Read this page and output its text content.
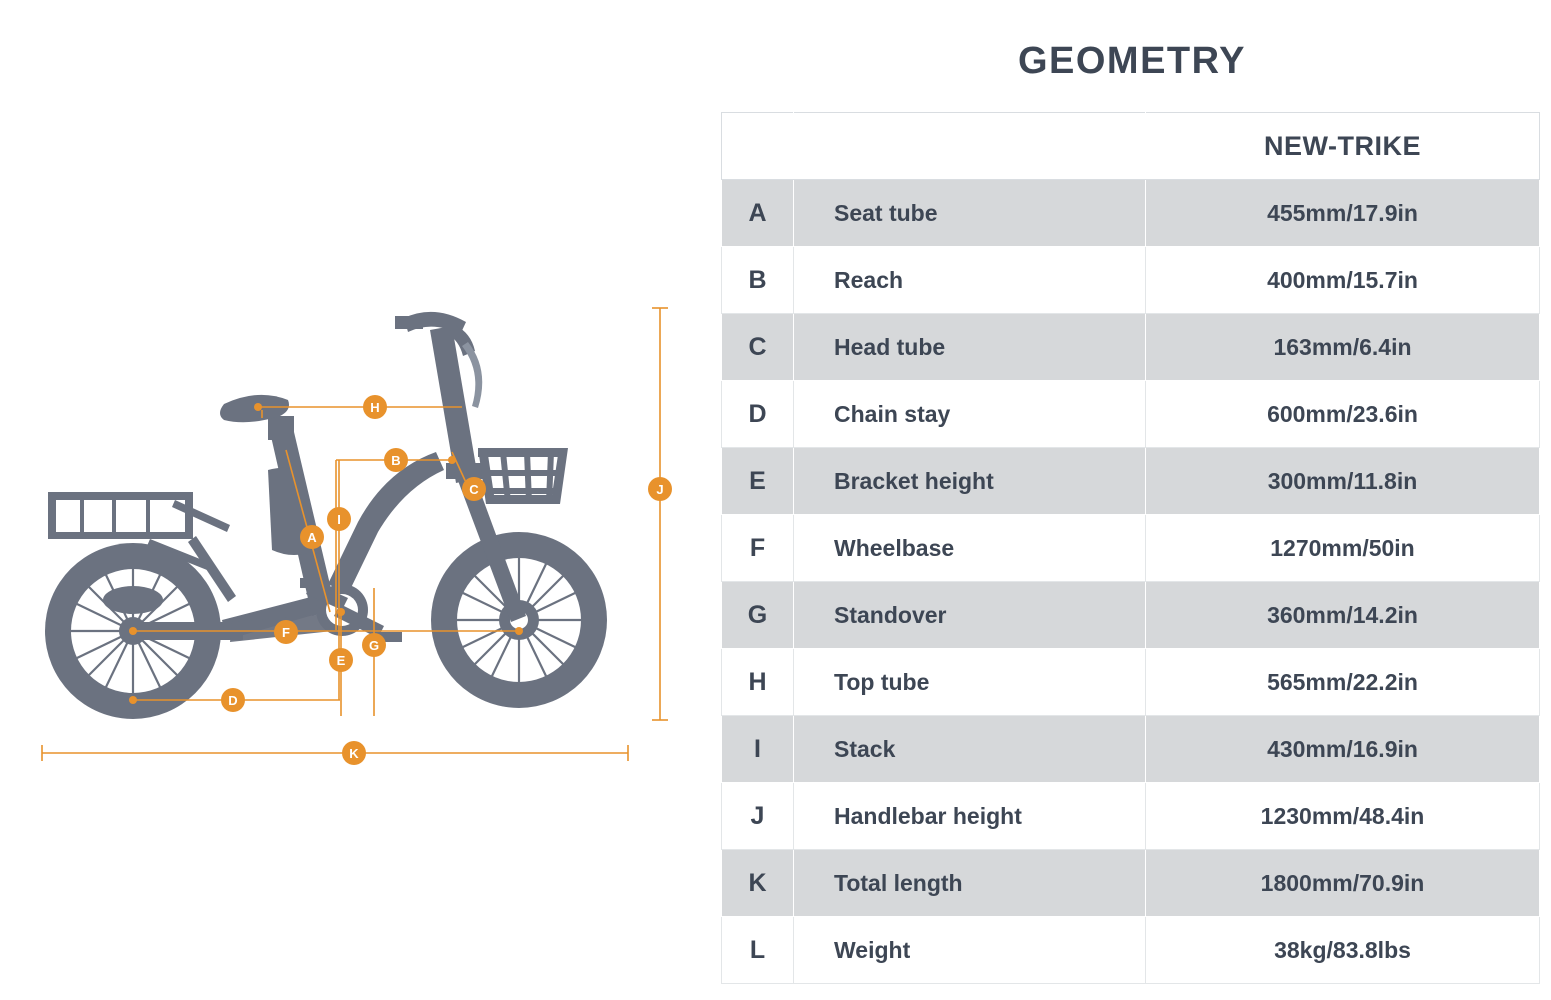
A
B
C
D
E
F
G
H
I
J
K
GEOMETRY
		NEW-TRIKE
A	Seat tube	455mm/17.9in
B	Reach	400mm/15.7in
C	Head tube	163mm/6.4in
D	Chain stay	600mm/23.6in
E	Bracket height	300mm/11.8in
F	Wheelbase	1270mm/50in
G	Standover	360mm/14.2in
H	Top tube	565mm/22.2in
I	Stack	430mm/16.9in
J	Handlebar height	1230mm/48.4in
K	Total length	1800mm/70.9in
L	Weight	38kg/83.8lbs
